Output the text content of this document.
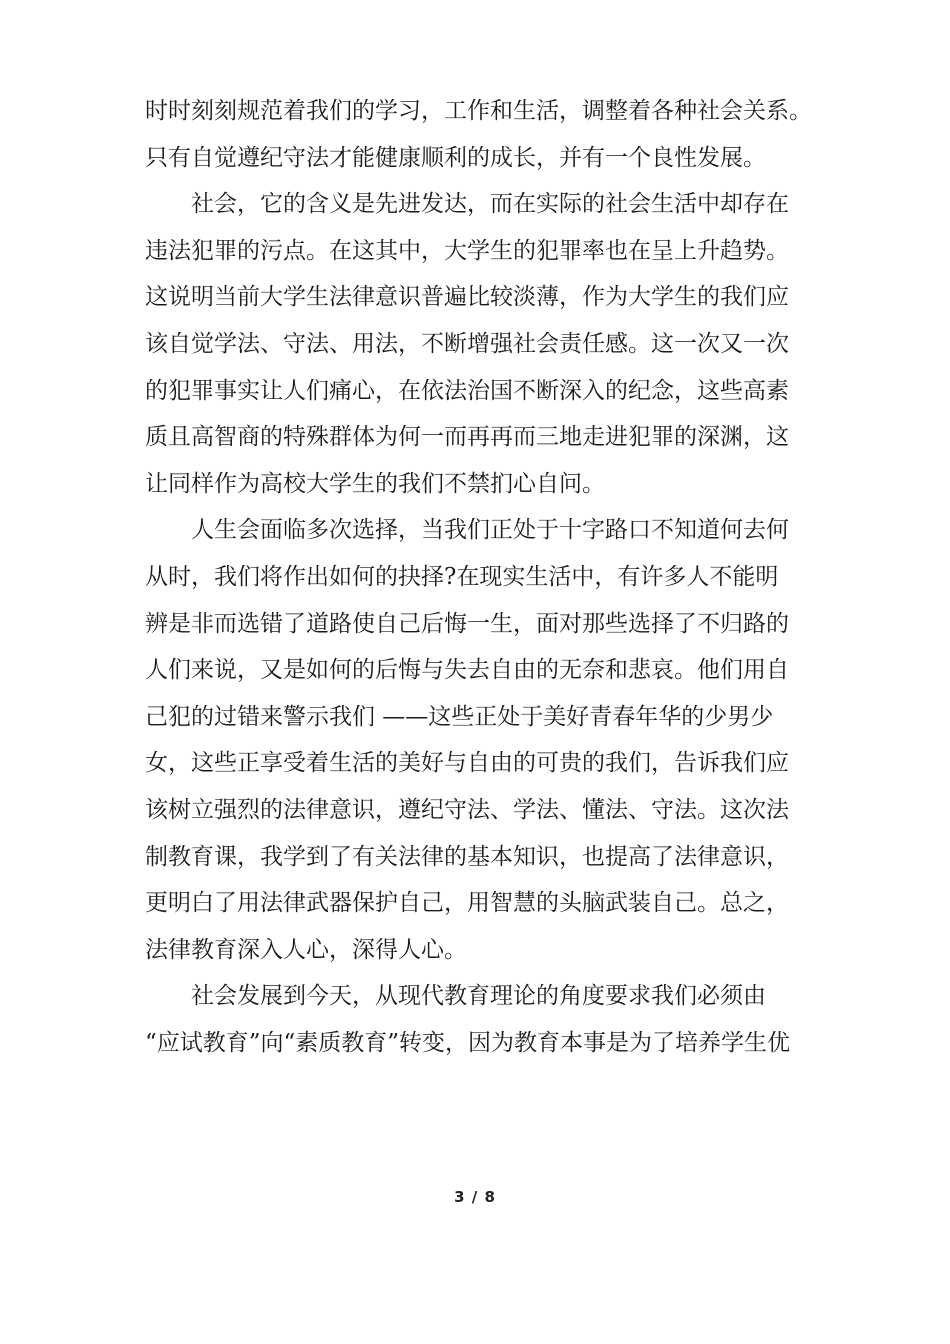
时时刻刻规范着我们的学习，工作和生活，调整着各种社会关系。
只有自觉遵纪守法才能健康顺利的成长，并有一个良性发展。
社会，它的含义是先进发达，而在实际的社会生活中却存在
违法犯罪的污点。在这其中，大学生的犯罪率也在呈上升趋势。
这说明当前大学生法律意识普遍比较淡薄，作为大学生的我们应
该自觉学法、守法、用法，不断增强社会责任感。这一次又一次
的犯罪事实让人们痛心，在依法治国不断深入的纪念，这些高素
质且高智商的特殊群体为何一而再再而三地走进犯罪的深渊，这
让同样作为高校大学生的我们不禁扪心自问。
人生会面临多次选择，当我们正处于十字路口不知道何去何
从时，我们将作出如何的抉择?在现实生活中，有许多人不能明
辨是非而选错了道路使自己后悔一生，面对那些选择了不归路的
人们来说，又是如何的后悔与失去自由的无奈和悲哀。他们用自
己犯的过错来警示我们 ——这些正处于美好青春年华的少男少
女，这些正享受着生活的美好与自由的可贵的我们，告诉我们应
该树立强烈的法律意识，遵纪守法、学法、懂法、守法。这次法
制教育课，我学到了有关法律的基本知识，也提高了法律意识，
更明白了用法律武器保护自己，用智慧的头脑武装自己。总之，
法律教育深入人心，深得人心。
社会发展到今天，从现代教育理论的角度要求我们必须由
“应试教育”向“素质教育”转变，因为教育本事是为了培养学生优
3 / 8
